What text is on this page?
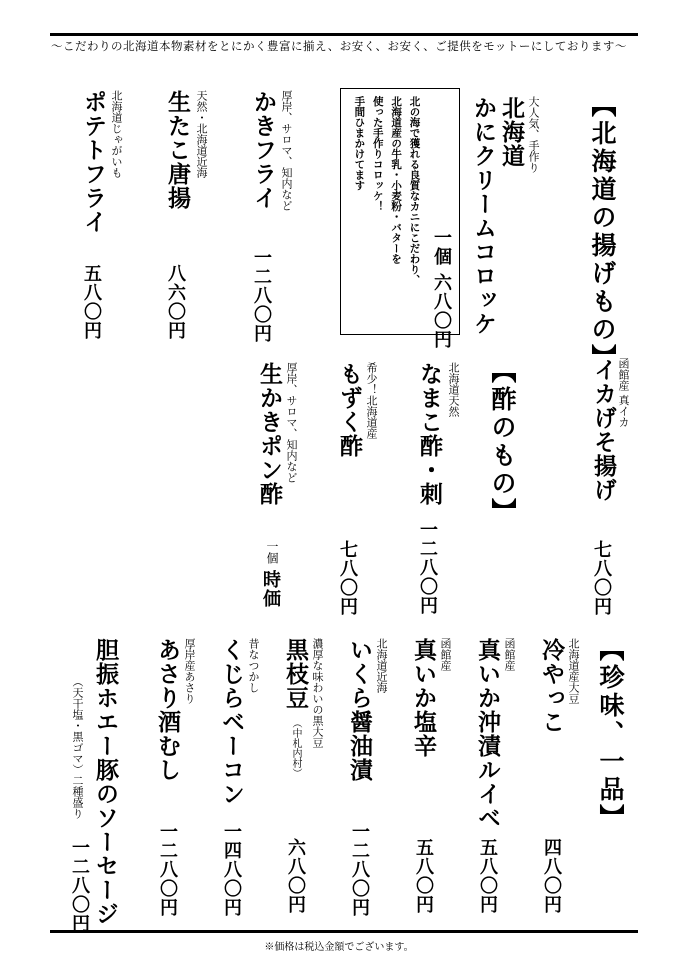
〜こだわりの北海道本物素材をとにかく豊富に揃え、お安く、お安く、ご提供をモットーにしております〜
【北海道の揚げもの】
大人気、手作り
北海道
かにクリームコロッケ
一個 六八〇円
北の海で獲れる良質なカニにこだわり、
北海道産の牛乳・小麦粉・バターを
使った手作りコロッケ！
手間ひまかけてます
厚岸、サロマ、知内など
かきフライ
一二八〇円
天然・北海道近海
生たこ唐揚
八六〇円
北海道じゃがいも
ポテトフライ
五八〇円
函館産 真イカ
イカげそ揚げ
七八〇円
【酢のもの】
北海道天然
なまこ酢・刺
一二八〇円
希少！北海道産
もずく酢
七八〇円
厚岸、サロマ、知内など
生かきポン酢
一個
時価
【珍味、一品】
北海道産大豆
冷やっこ
四八〇円
函館産
真いか沖漬ルイベ
五八〇円
函館産
真いか塩辛
五八〇円
北海道近海
いくら醤油漬
一二八〇円
濃厚な味わいの黒大豆
黒枝豆
（中札内村）
六八〇円
昔なつかし
くじらベーコン
一四八〇円
厚岸産あさり
あさり酒むし
一二八〇円
（天干塩・黒ゴマ）二種盛り 胆振ホエー豚のソーセージ
一二八〇円
※価格は税込金額でございます。
